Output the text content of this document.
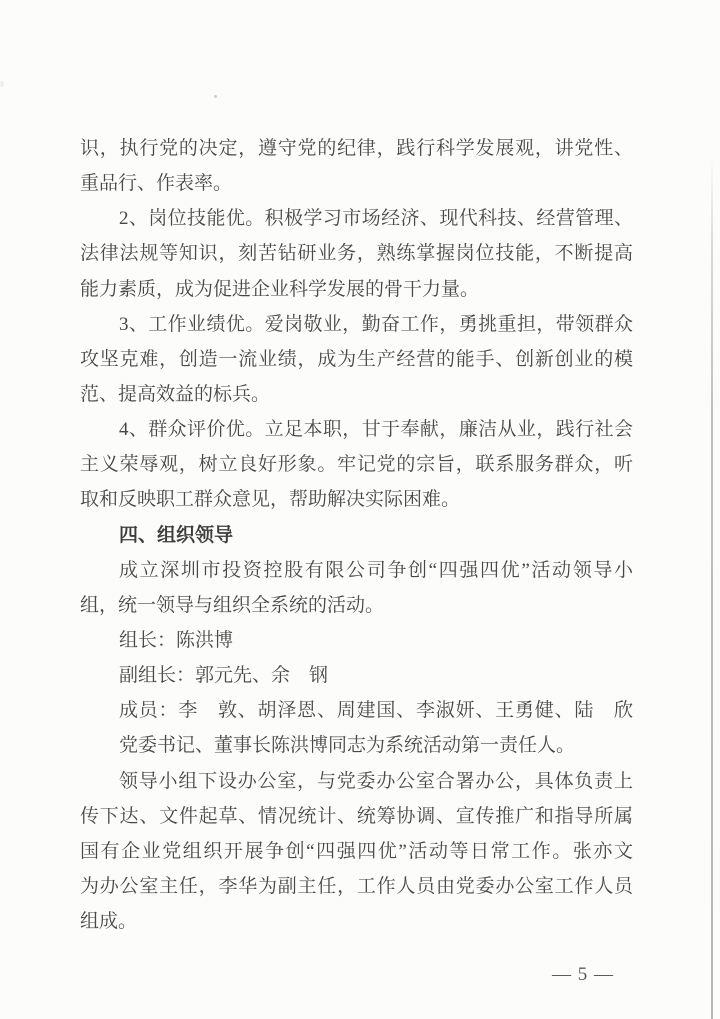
识，执行党的决定，遵守党的纪律，践行科学发展观，讲党性、
重品行、作表率。
2、岗位技能优。积极学习市场经济、现代科技、经营管理、
法律法规等知识，刻苦钻研业务，熟练掌握岗位技能，不断提高
能力素质，成为促进企业科学发展的骨干力量。
3、工作业绩优。爱岗敬业，勤奋工作，勇挑重担，带领群众
攻坚克难，创造一流业绩，成为生产经营的能手、创新创业的模
范、提高效益的标兵。
4、群众评价优。立足本职，甘于奉献，廉洁从业，践行社会
主义荣辱观，树立良好形象。牢记党的宗旨，联系服务群众，听
取和反映职工群众意见，帮助解决实际困难。
四、组织领导
成立深圳市投资控股有限公司争创“四强四优”活动领导小
组，统一领导与组织全系统的活动。
组长：陈洪博
副组长：郭元先、余　钢
成员：李　敦、胡泽恩、周建国、李淑妍、王勇健、陆　欣
党委书记、董事长陈洪博同志为系统活动第一责任人。
领导小组下设办公室，与党委办公室合署办公，具体负责上
传下达、文件起草、情况统计、统筹协调、宣传推广和指导所属
国有企业党组织开展争创“四强四优”活动等日常工作。张亦文
为办公室主任，李华为副主任，工作人员由党委办公室工作人员
组成。
— 5 —
